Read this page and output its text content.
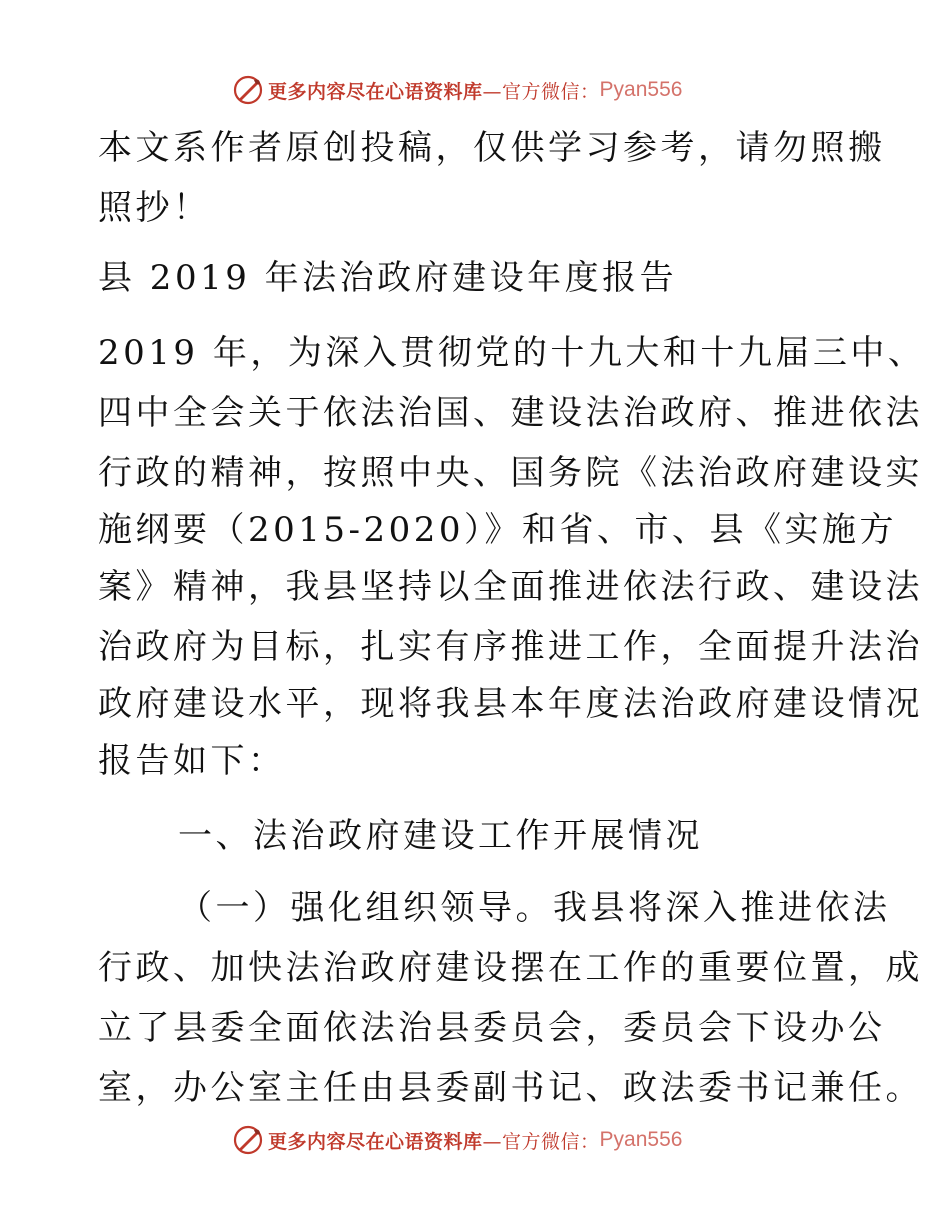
更多内容尽在心语资料库 —官方微信： Pyan556
本文系作者原创投稿，仅供学习参考，请勿照搬
照抄！
县 2019 年法治政府建设年度报告
2019 年，为深入贯彻党的十九大和十九届三中、
四中全会关于依法治国、建设法治政府、推进依法
行政的精神，按照中央、国务院《法治政府建设实
施纲要（2015-2020）》和省、市、县《实施方
案》精神，我县坚持以全面推进依法行政、建设法
治政府为目标，扎实有序推进工作，全面提升法治
政府建设水平，现将我县本年度法治政府建设情况
报告如下：
一、法治政府建设工作开展情况
（一）强化组织领导。我县将深入推进依法
行政、加快法治政府建设摆在工作的重要位置，成
立了县委全面依法治县委员会，委员会下设办公
室，办公室主任由县委副书记、政法委书记兼任。
更多内容尽在心语资料库 —官方微信： Pyan556
